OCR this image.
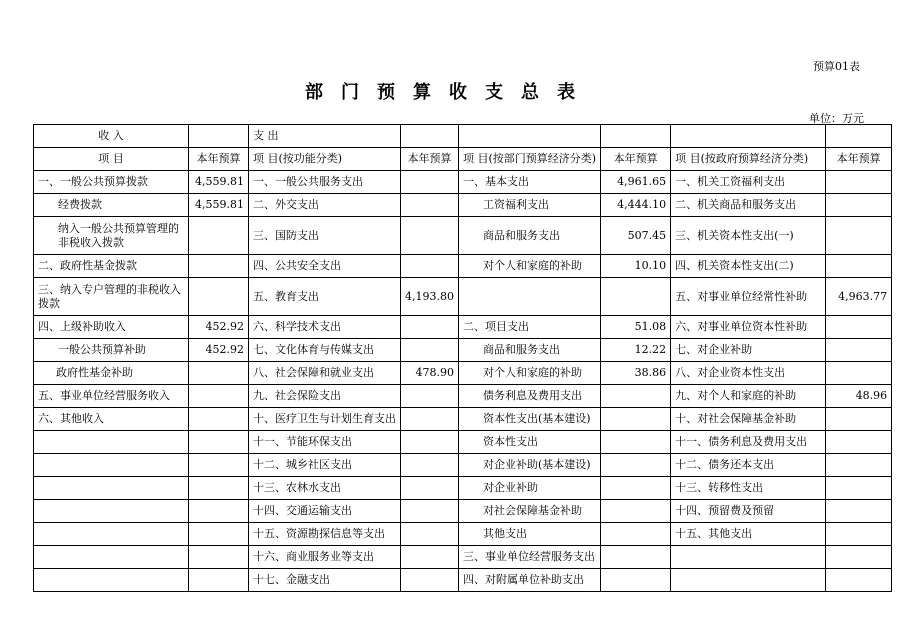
预算01表
部门预算收支总表
单位：万元
收 入		支 出					
项 目	本年预算	项 目(按功能分类)	本年预算	项 目(按部门预算经济分类)	本年预算	项 目(按政府预算经济分类)	本年预算
一、一般公共预算拨款	4,559.81	一、一般公共服务支出		一、基本支出	4,961.65	一、机关工资福利支出	
经费拨款	4,559.81	二、外交支出		工资福利支出	4,444.10	二、机关商品和服务支出	
纳入一般公共预算管理的非税收入拨款		三、国防支出		商品和服务支出	507.45	三、机关资本性支出(一)	
二、政府性基金拨款		四、公共安全支出		对个人和家庭的补助	10.10	四、机关资本性支出(二)	
三、纳入专户管理的非税收入拨款		五、教育支出	4,193.80			五、对事业单位经常性补助	4,963.77
四、上级补助收入	452.92	六、科学技术支出		二、项目支出	51.08	六、对事业单位资本性补助	
一般公共预算补助	452.92	七、文化体育与传媒支出		商品和服务支出	12.22	七、对企业补助	
政府性基金补助		八、社会保障和就业支出	478.90	对个人和家庭的补助	38.86	八、对企业资本性支出	
五、事业单位经营服务收入		九、社会保险支出		债务利息及费用支出		九、对个人和家庭的补助	48.96
六、其他收入		十、医疗卫生与计划生育支出		资本性支出(基本建设)		十、对社会保障基金补助	
		十一、节能环保支出		资本性支出		十一、债务利息及费用支出	
		十二、城乡社区支出		对企业补助(基本建设)		十二、债务还本支出	
		十三、农林水支出		对企业补助		十三、转移性支出	
		十四、交通运输支出		对社会保障基金补助		十四、预留费及预留	
		十五、资源勘探信息等支出		其他支出		十五、其他支出	
		十六、商业服务业等支出		三、事业单位经营服务支出			
		十七、金融支出		四、对附属单位补助支出			
